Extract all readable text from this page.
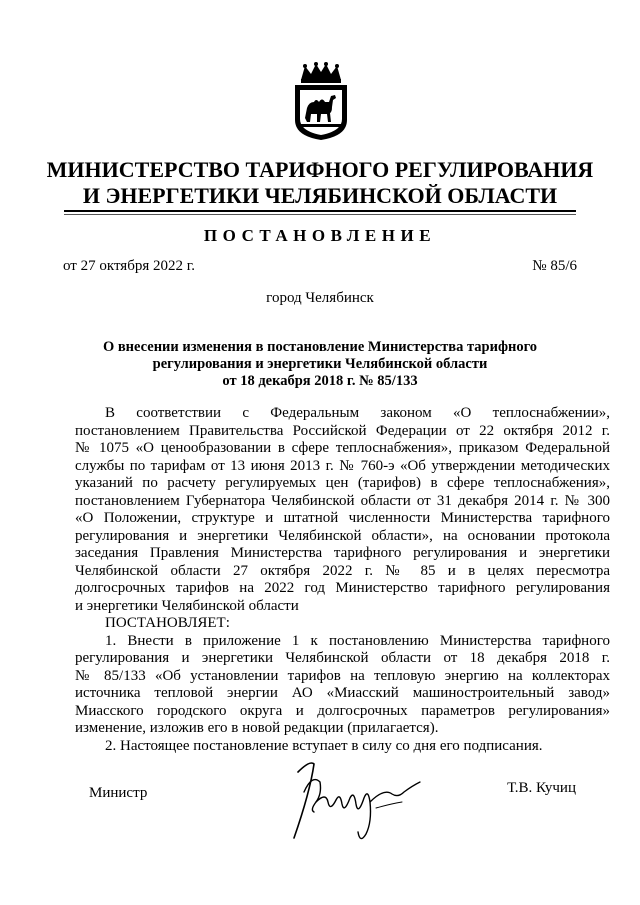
МИНИСТЕРСТВО ТАРИФНОГО РЕГУЛИРОВАНИЯ
И ЭНЕРГЕТИКИ ЧЕЛЯБИНСКОЙ ОБЛАСТИ
ПОСТАНОВЛЕНИЕ
от 27 октября 2022 г.	№ 85/6
город Челябинск
О внесении изменения в постановление Министерства тарифного
регулирования и энергетики Челябинской области
от 18 декабря 2018 г. № 85/133
В соответствии с Федеральным законом «О теплоснабжении»,
постановлением Правительства Российской Федерации от 22 октября 2012 г.
№ 1075 «О ценообразовании в сфере теплоснабжения», приказом Федеральной
службы по тарифам от 13 июня 2013 г. № 760-э «Об утверждении методических
указаний по расчету регулируемых цен (тарифов) в сфере теплоснабжения»,
постановлением Губернатора Челябинской области от 31 декабря 2014 г. № 300
«О Положении, структуре и штатной численности Министерства тарифного
регулирования и энергетики Челябинской области», на основании протокола
заседания Правления Министерства тарифного регулирования и энергетики
Челябинской области 27 октября 2022 г. № 85 и в целях пересмотра
долгосрочных тарифов на 2022 год Министерство тарифного регулирования
и энергетики Челябинской области
ПОСТАНОВЛЯЕТ:
1. Внести в приложение 1 к постановлению Министерства тарифного
регулирования и энергетики Челябинской области от 18 декабря 2018 г.
№ 85/133 «Об установлении тарифов на тепловую энергию на коллекторах
источника тепловой энергии АО «Миасский машиностроительный завод»
Миасского городского округа и долгосрочных параметров регулирования»
изменение, изложив его в новой редакции (прилагается).
2. Настоящее постановление вступает в силу со дня его подписания.
Министр	Т.В. Кучиц
